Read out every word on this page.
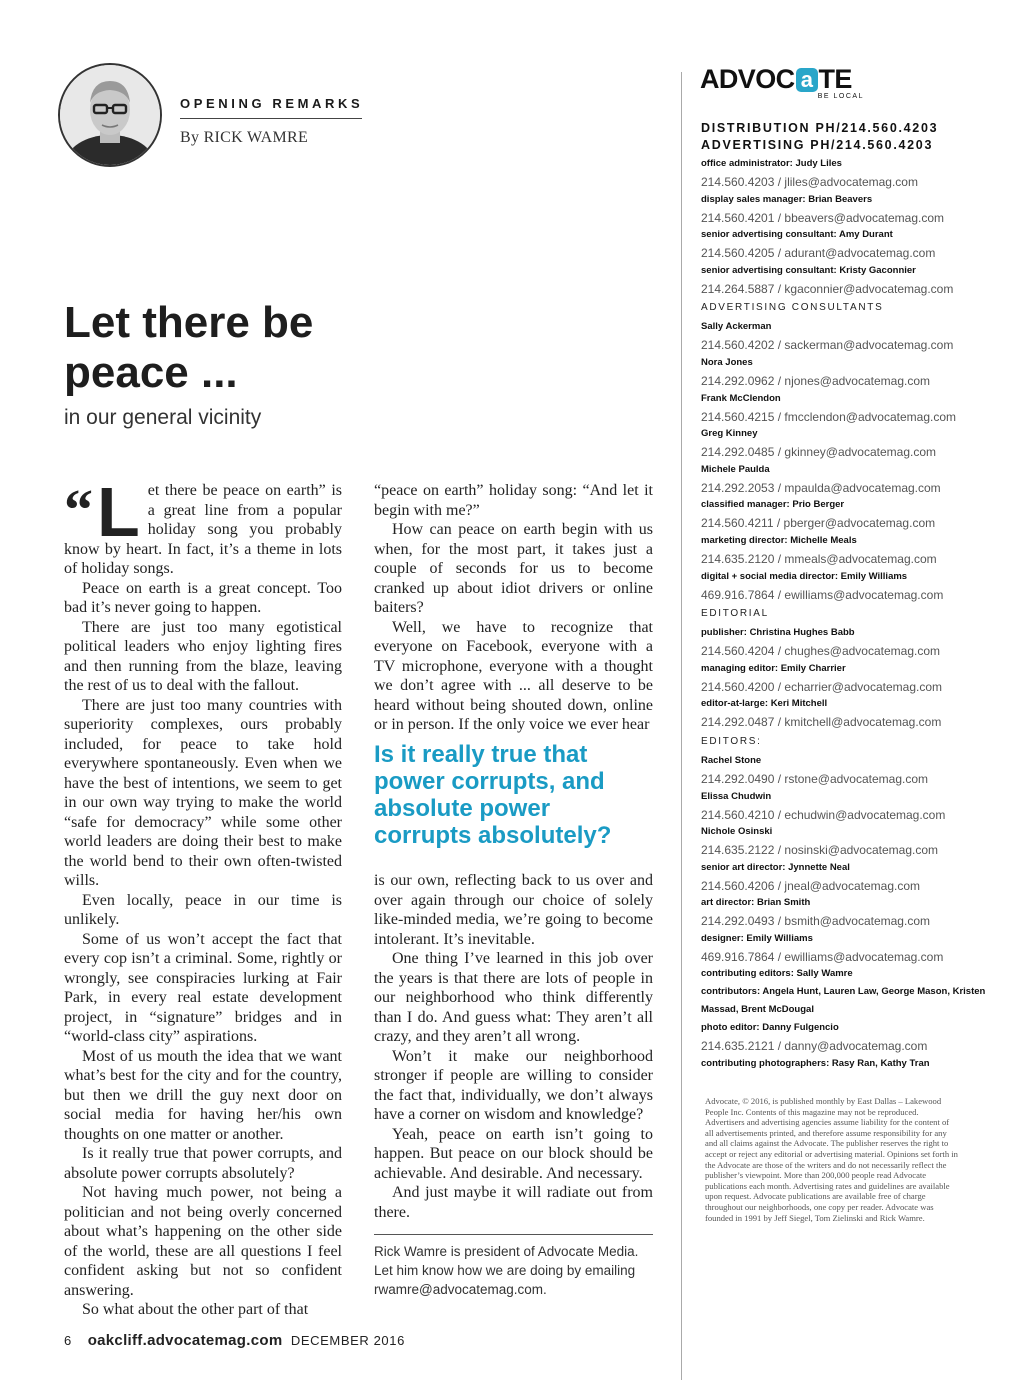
OPENING REMARKS
By RICK WAMRE
Let there be
peace ...
in our general vicinity
“ L et there be peace on earth” is a great line from a popular holiday song you probably know by heart. In fact, it’s a theme in lots of holiday songs.

Peace on earth is a great concept. Too bad it’s never going to happen.

There are just too many egotistical political leaders who enjoy lighting fires and then running from the blaze, leaving the rest of us to deal with the fallout.

There are just too many countries with superiority complexes, ours probably included, for peace to take hold everywhere spontaneously. Even when we have the best of intentions, we seem to get in our own way trying to make the world “safe for democracy” while some other world leaders are doing their best to make the world bend to their own often-twisted wills.

Even locally, peace in our time is unlikely.

Some of us won’t accept the fact that every cop isn’t a criminal. Some, rightly or wrongly, see conspiracies lurking at Fair Park, in every real estate development project, in “signature” bridges and in “world-class city” aspirations.

Most of us mouth the idea that we want what’s best for the city and for the country, but then we drill the guy next door on social media for having her/his own thoughts on one matter or another.

Is it really true that power corrupts, and absolute power corrupts absolutely?

Not having much power, not being a politician and not being overly concerned about what’s happening on the other side of the world, these are all questions I feel confident asking but not so confident answering.

So what about the other part of that

“peace on earth” holiday song: “And let it begin with me?”

How can peace on earth begin with us when, for the most part, it takes just a couple of seconds for us to become cranked up about idiot drivers or online baiters?

Well, we have to recognize that everyone on Facebook, everyone with a TV microphone, everyone with a thought we don’t agree with ... all deserve to be heard without being shouted down, online or in person. If the only voice we ever hear

Is it really true that power corrupts, and absolute power corrupts absolutely?

is our own, reflecting back to us over and over again through our choice of solely like-minded media, we’re going to become intolerant. It’s inevitable.

One thing I’ve learned in this job over the years is that there are lots of people in our neighborhood who think differently than I do. And guess what: They aren’t all crazy, and they aren’t all wrong.

Won’t it make our neighborhood stronger if people are willing to consider the fact that, individually, we don’t always have a corner on wisdom and knowledge?

Yeah, peace on earth isn’t going to happen. But peace on our block should be achievable. And desirable. And necessary.

And just maybe it will radiate out from there.

Rick Wamre is president of Advocate Media. Let him know how we are doing by emailing rwamre@advocatemag.com.
6 oakcliff.advocatemag.com DECEMBER 2016
ADVOC a TE
BE LOCAL
DISTRIBUTION PH/214.560.4203
ADVERTISING PH/214.560.4203
office administrator: Judy Liles
214.560.4203 / jliles@advocatemag.com
display sales manager: Brian Beavers
214.560.4201 / bbeavers@advocatemag.com
senior advertising consultant: Amy Durant
214.560.4205 / adurant@advocatemag.com
senior advertising consultant: Kristy Gaconnier
214.264.5887 / kgaconnier@advocatemag.com
ADVERTISING CONSULTANTS
Sally Ackerman
214.560.4202 / sackerman@advocatemag.com
Nora Jones
214.292.0962 / njones@advocatemag.com
Frank McClendon
214.560.4215 / fmcclendon@advocatemag.com
Greg Kinney
214.292.0485 / gkinney@advocatemag.com
Michele Paulda
214.292.2053 / mpaulda@advocatemag.com
classified manager: Prio Berger
214.560.4211 / pberger@advocatemag.com
marketing director: Michelle Meals
214.635.2120 / mmeals@advocatemag.com
digital + social media director: Emily Williams
469.916.7864 / ewilliams@advocatemag.com
EDITORIAL
publisher: Christina Hughes Babb
214.560.4204 / chughes@advocatemag.com
managing editor: Emily Charrier
214.560.4200 / echarrier@advocatemag.com
editor-at-large: Keri Mitchell
214.292.0487 / kmitchell@advocatemag.com
EDITORS:
Rachel Stone
214.292.0490 / rstone@advocatemag.com
Elissa Chudwin
214.560.4210 / echudwin@advocatemag.com
Nichole Osinski
214.635.2122 / nosinski@advocatemag.com
senior art director: Jynnette Neal
214.560.4206 / jneal@advocatemag.com
art director: Brian Smith
214.292.0493 / bsmith@advocatemag.com
designer: Emily Williams
469.916.7864 / ewilliams@advocatemag.com
contributing editors: Sally Wamre
contributors: Angela Hunt, Lauren Law, George Mason, Kristen Massad, Brent McDougal
photo editor: Danny Fulgencio
214.635.2121 / danny@advocatemag.com
contributing photographers: Rasy Ran, Kathy Tran
Advocate, © 2016, is published monthly by East Dallas – Lakewood People Inc. Contents of this magazine may not be reproduced. Advertisers and advertising agencies assume liability for the content of all advertisements printed, and therefore assume responsibility for any and all claims against the Advocate. The publisher reserves the right to accept or reject any editorial or advertising material. Opinions set forth in the Advocate are those of the writers and do not necessarily reflect the publisher’s viewpoint. More than 200,000 people read Advocate publications each month. Advertising rates and guidelines are available upon request. Advocate publications are available free of charge throughout our neighborhoods, one copy per reader. Advocate was founded in 1991 by Jeff Siegel, Tom Zielinski and Rick Wamre.
